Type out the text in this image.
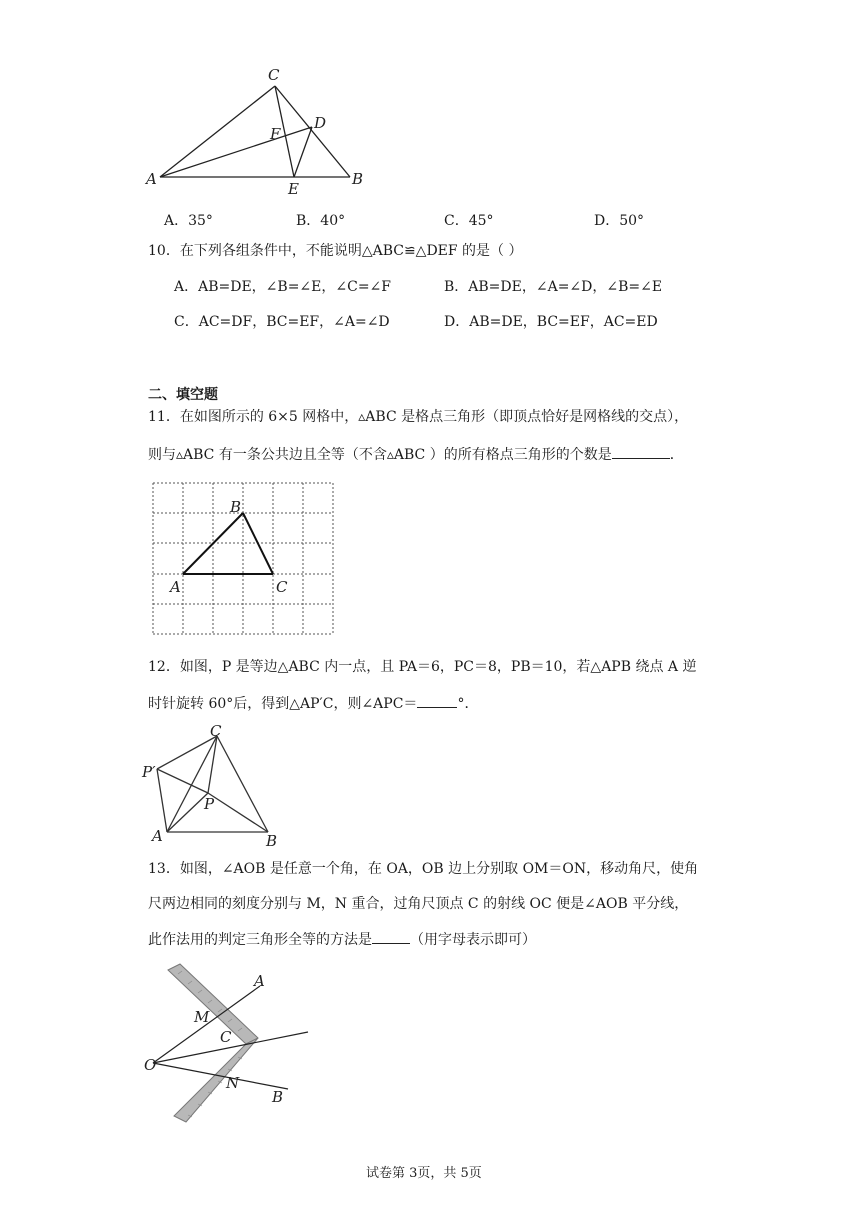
C
F
D
A
E
B
A．35°	B．40°	C．45°	D．50°
10．在下列各组条件中，不能说明△ABC≌△DEF 的是（ ）
A．AB=DE，∠B=∠E，∠C=∠F	B．AB=DE，∠A=∠D，∠B=∠E
C．AC=DF，BC=EF，∠A=∠D	D．AB=DE，BC=EF，AC=ED
二、填空题
11．在如图所示的 6×5 网格中，▵ABC 是格点三角形（即顶点恰好是网格线的交点），
则与▵ABC 有一条公共边且全等（不含▵ABC ）的所有格点三角形的个数是	．
B
A	C
12．如图，P 是等边△ABC 内一点，且 PA＝6，PC＝8，PB＝10，若△APB 绕点 A 逆
时针旋转 60°后，得到△AP′C，则∠APC＝	°．
C
P′
P
A	B
13．如图，∠AOB 是任意一个角，在 OA，OB 边上分别取 OM＝ON，移动角尺，使角
尺两边相同的刻度分别与 M，N 重合，过角尺顶点 C 的射线 OC 便是∠AOB 平分线，
此作法用的判定三角形全等的方法是	（用字母表示即可）
A
M
C
O
N
B
试卷第 3页，共 5页
